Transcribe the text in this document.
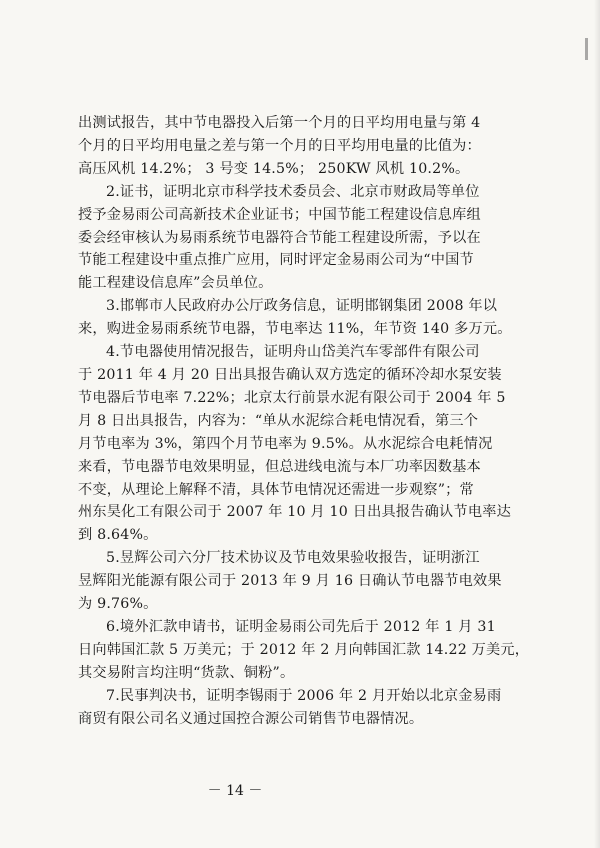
出测试报告，其中节电器投入后第一个月的日平均用电量与第 4
个月的日平均用电量之差与第一个月的日平均用电量的比值为：
高压风机 14.2%； 3 号变 14.5%； 250KW 风机 10.2%。
2.证书，证明北京市科学技术委员会、北京市财政局等单位
授予金易雨公司高新技术企业证书；中国节能工程建设信息库组
委会经审核认为易雨系统节电器符合节能工程建设所需，予以在
节能工程建设中重点推广应用，同时评定金易雨公司为“中国节
能工程建设信息库”会员单位。
3.邯郸市人民政府办公厅政务信息，证明邯钢集团 2008 年以
来，购进金易雨系统节电器，节电率达 11%，年节资 140 多万元。
4.节电器使用情况报告，证明舟山岱美汽车零部件有限公司
于 2011 年 4 月 20 日出具报告确认双方选定的循环冷却水泵安装
节电器后节电率 7.22%；北京太行前景水泥有限公司于 2004 年 5
月 8 日出具报告，内容为：“单从水泥综合耗电情况看，第三个
月节电率为 3%，第四个月节电率为 9.5%。从水泥综合电耗情况
来看，节电器节电效果明显，但总进线电流与本厂功率因数基本
不变，从理论上解释不清，具体节电情况还需进一步观察”；常
州东昊化工有限公司于 2007 年 10 月 10 日出具报告确认节电率达
到 8.64%。
5.昱辉公司六分厂技术协议及节电效果验收报告，证明浙江
昱辉阳光能源有限公司于 2013 年 9 月 16 日确认节电器节电效果
为 9.76%。
6.境外汇款申请书，证明金易雨公司先后于 2012 年 1 月 31
日向韩国汇款 5 万美元；于 2012 年 2 月向韩国汇款 14.22 万美元，
其交易附言均注明“货款、铜粉”。
7.民事判决书，证明李锡雨于 2006 年 2 月开始以北京金易雨
商贸有限公司名义通过国控合源公司销售节电器情况。
－ 14 －
